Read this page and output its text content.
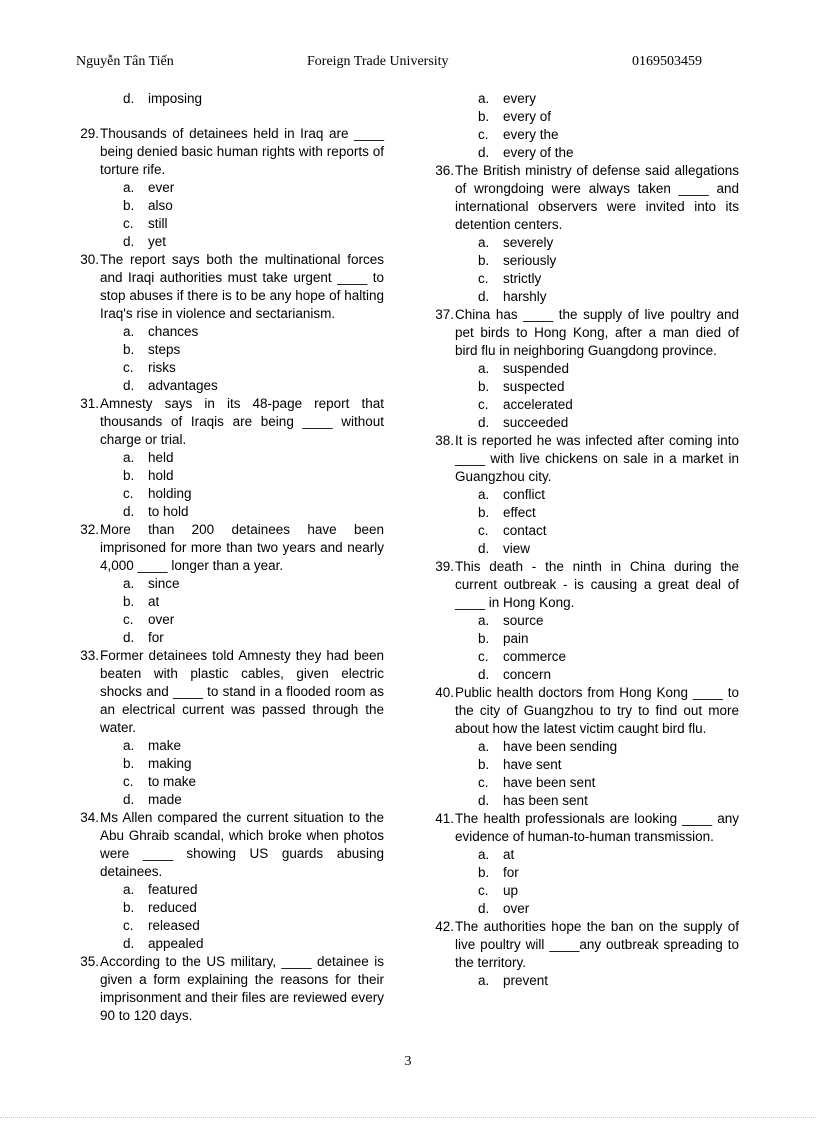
Nguyễn Tân Tiến	Foreign Trade University	0169503459
d. imposing
29. Thousands of detainees held in Iraq are ____ being denied basic human rights with reports of torture rife.
a. ever
b. also
c. still
d. yet
30. The report says both the multinational forces and Iraqi authorities must take urgent ____ to stop abuses if there is to be any hope of halting Iraq's rise in violence and sectarianism.
a. chances
b. steps
c. risks
d. advantages
31. Amnesty says in its 48-page report that thousands of Iraqis are being ____ without charge or trial.
a. held
b. hold
c. holding
d. to hold
32. More than 200 detainees have been imprisoned for more than two years and nearly 4,000 ____ longer than a year.
a. since
b. at
c. over
d. for
33. Former detainees told Amnesty they had been beaten with plastic cables, given electric shocks and ____ to stand in a flooded room as an electrical current was passed through the water.
a. make
b. making
c. to make
d. made
34. Ms Allen compared the current situation to the Abu Ghraib scandal, which broke when photos were ____ showing US guards abusing detainees.
a. featured
b. reduced
c. released
d. appealed
35. According to the US military, ____ detainee is given a form explaining the reasons for their imprisonment and their files are reviewed every 90 to 120 days.
a. every
b. every of
c. every the
d. every of the
36. The British ministry of defense said allegations of wrongdoing were always taken ____ and international observers were invited into its detention centers.
a. severely
b. seriously
c. strictly
d. harshly
37. China has ____ the supply of live poultry and pet birds to Hong Kong, after a man died of bird flu in neighboring Guangdong province.
a. suspended
b. suspected
c. accelerated
d. succeeded
38. It is reported he was infected after coming into ____ with live chickens on sale in a market in Guangzhou city.
a. conflict
b. effect
c. contact
d. view
39. This death - the ninth in China during the current outbreak - is causing a great deal of ____ in Hong Kong.
a. source
b. pain
c. commerce
d. concern
40. Public health doctors from Hong Kong ____ to the city of Guangzhou to try to find out more about how the latest victim caught bird flu.
a. have been sending
b. have sent
c. have been sent
d. has been sent
41. The health professionals are looking ____ any evidence of human-to-human transmission.
a. at
b. for
c. up
d. over
42. The authorities hope the ban on the supply of live poultry will ____any outbreak spreading to the territory.
a. prevent
3
